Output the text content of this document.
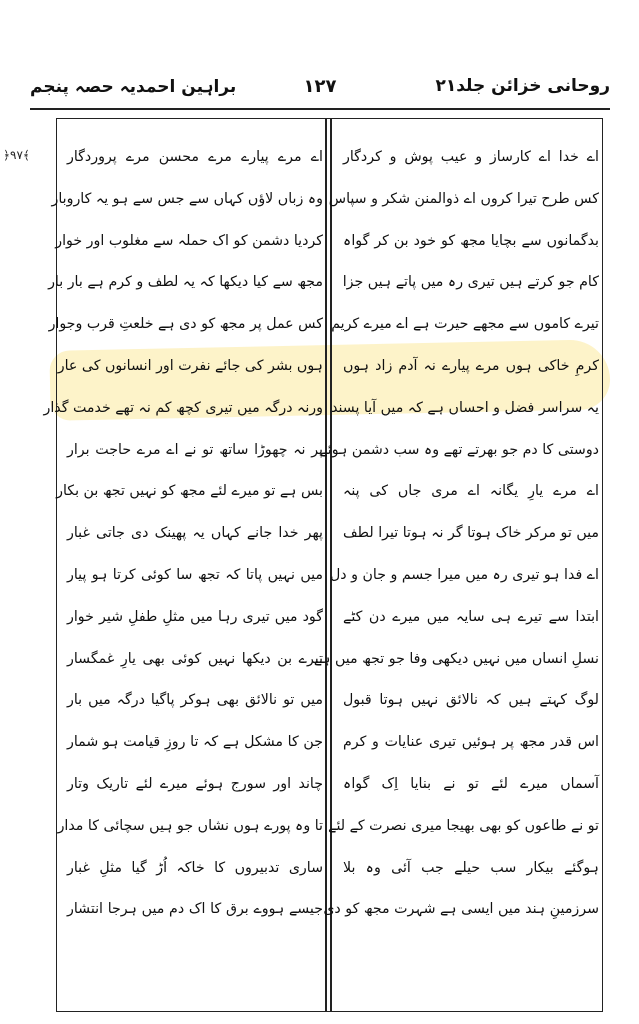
براہین احمدیہ حصہ پنجم	۱۲۷	روحانی خزائن جلد۲۱
﴿۹۷﴾	اے خدا اے کارساز و عیب پوش و کردگار
کس طرح تیرا کروں اے ذوالمنن شکر و سپاس
بدگمانوں سے بچایا مجھ کو خود بن کر گواہ
کام جو کرتے ہیں تیری رہ میں پاتے ہیں جزا
تیرے کاموں سے مجھے حیرت ہے اے میرے کریم
کرمِ خاکی ہوں مرے پیارے نہ آدم زاد ہوں
یہ سراسر فضل و احساں ہے کہ میں آیا پسند
دوستی کا دم جو بھرتے تھے وہ سب دشمن ہوئے
اے مرے یارِ یگانہ اے مری جاں کی پنہ
میں تو مرکر خاک ہوتا گر نہ ہوتا تیرا لطف
اے فدا ہو تیری رہ میں میرا جسم و جان و دل
ابتدا سے تیرے ہی سایہ میں میرے دن کٹے
نسلِ انساں میں نہیں دیکھی وفا جو تجھ میں ہے
لوگ کہتے ہیں کہ نالائق نہیں ہوتا قبول
اس قدر مجھ پر ہوئیں تیری عنایات و کرم
آسماں میرے لئے تو نے بنایا اِک گواہ
تو نے طاعوں کو بھی بھیجا میری نصرت کے لئے
ہوگئے بیکار سب حیلے جب آئی وہ بلا
سرزمینِ ہند میں ایسی ہے شہرت مجھ کو دی
اے مرے پیارے مرے محسن مرے پروردگار
وہ زباں لاؤں کہاں سے جس سے ہو یہ کاروبار
کردیا دشمن کو اک حملہ سے مغلوب اور خوار
مجھ سے کیا دیکھا کہ یہ لطف و کرم ہے بار بار
کس عمل پر مجھ کو دی ہے خلعتِ قرب وجوار
ہوں بشر کی جائے نفرت اور انسانوں کی عار
ورنہ درگہ میں تیری کچھ کم نہ تھے خدمت گذار
پر نہ چھوڑا ساتھ تو نے اے مرے حاجت برار
بس ہے تو میرے لئے مجھ کو نہیں تجھ بن بکار
پھر خدا جانے کہاں یہ پھینک دی جاتی غبار
میں نہیں پاتا کہ تجھ سا کوئی کرتا ہو پیار
گود میں تیری رہا میں مثلِ طفلِ شیر خوار
تیرے بن دیکھا نہیں کوئی بھی یارِ غمگسار
میں تو نالائق بھی ہوکر پاگیا درگہ میں بار
جن کا مشکل ہے کہ تا روزِ قیامت ہو شمار
چاند اور سورج ہوئے میرے لئے تاریک وتار
تا وہ پورے ہوں نشاں جو ہیں سچائی کا مدار
ساری تدبیروں کا خاکہ اُڑ گیا مثلِ غبار
جیسے ہووے برق کا اک دم میں ہرجا انتشار
